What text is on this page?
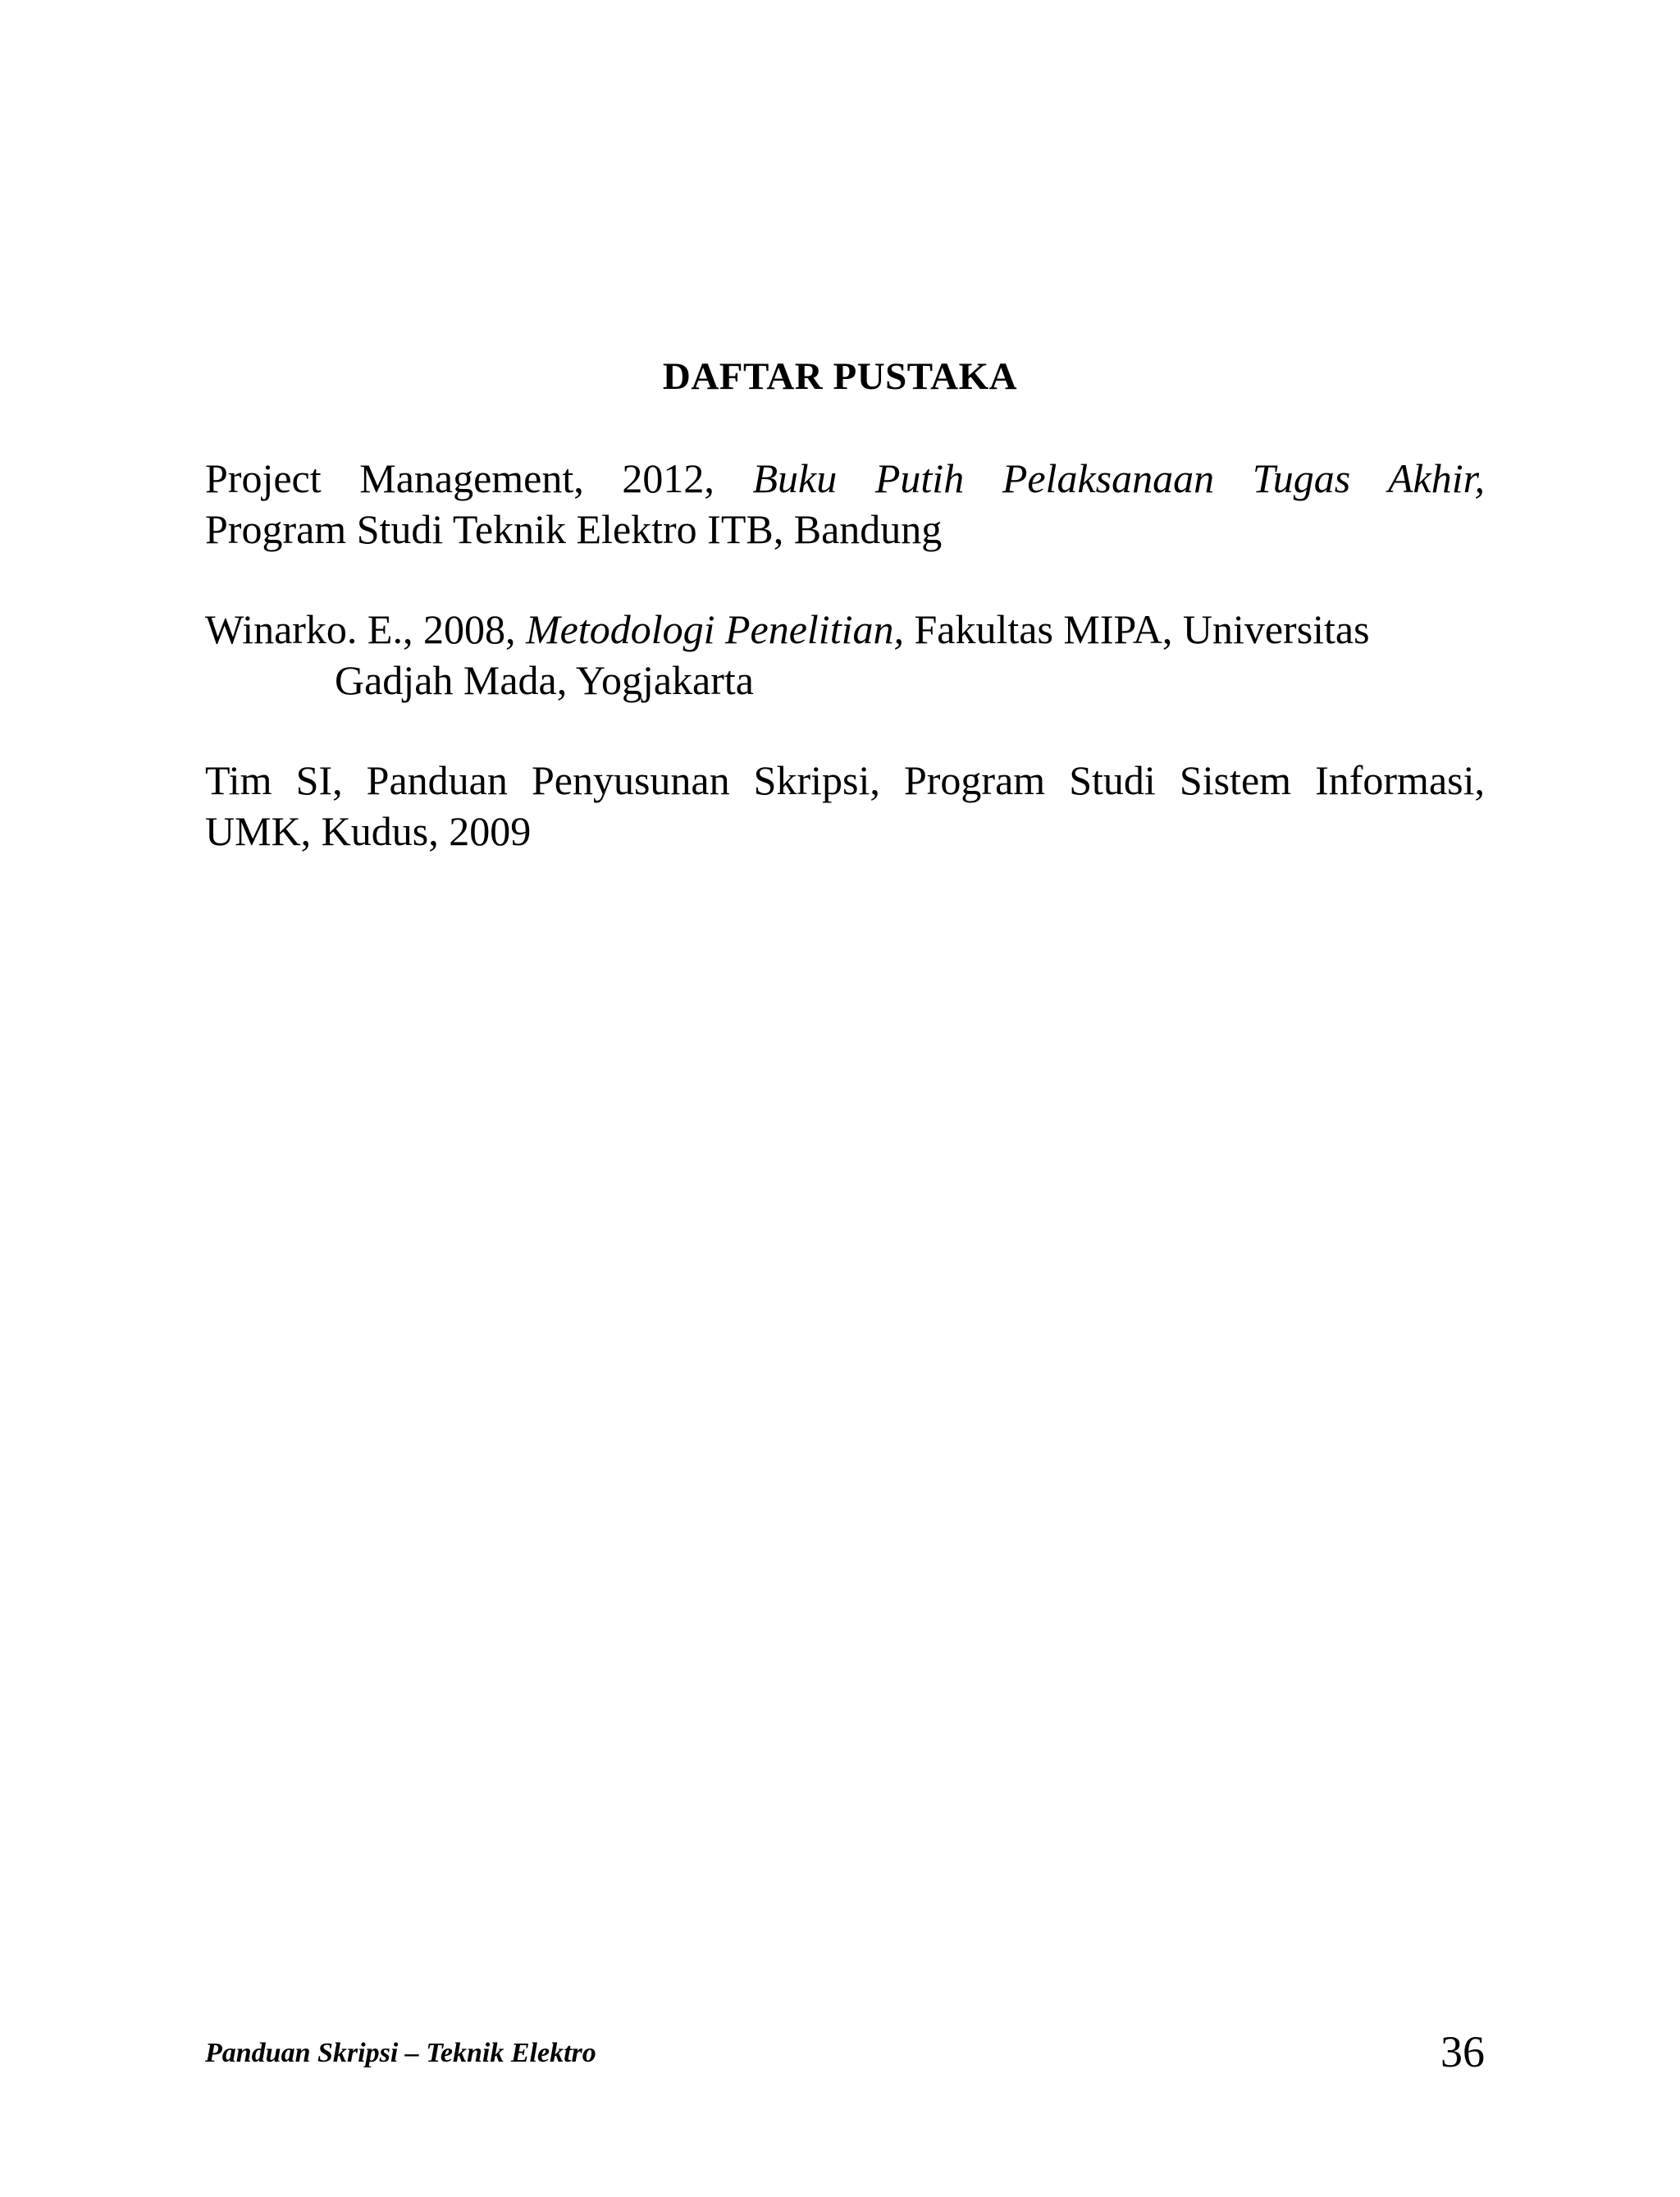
DAFTAR PUSTAKA
Project Management, 2012, Buku Putih Pelaksanaan Tugas Akhir,
Program Studi Teknik Elektro ITB, Bandung
Winarko. E., 2008, Metodologi Penelitian, Fakultas MIPA, Universitas
Gadjah Mada, Yogjakarta
Tim SI, Panduan Penyusunan Skripsi, Program Studi Sistem Informasi,
UMK, Kudus, 2009
Panduan Skripsi – Teknik Elektro	36
